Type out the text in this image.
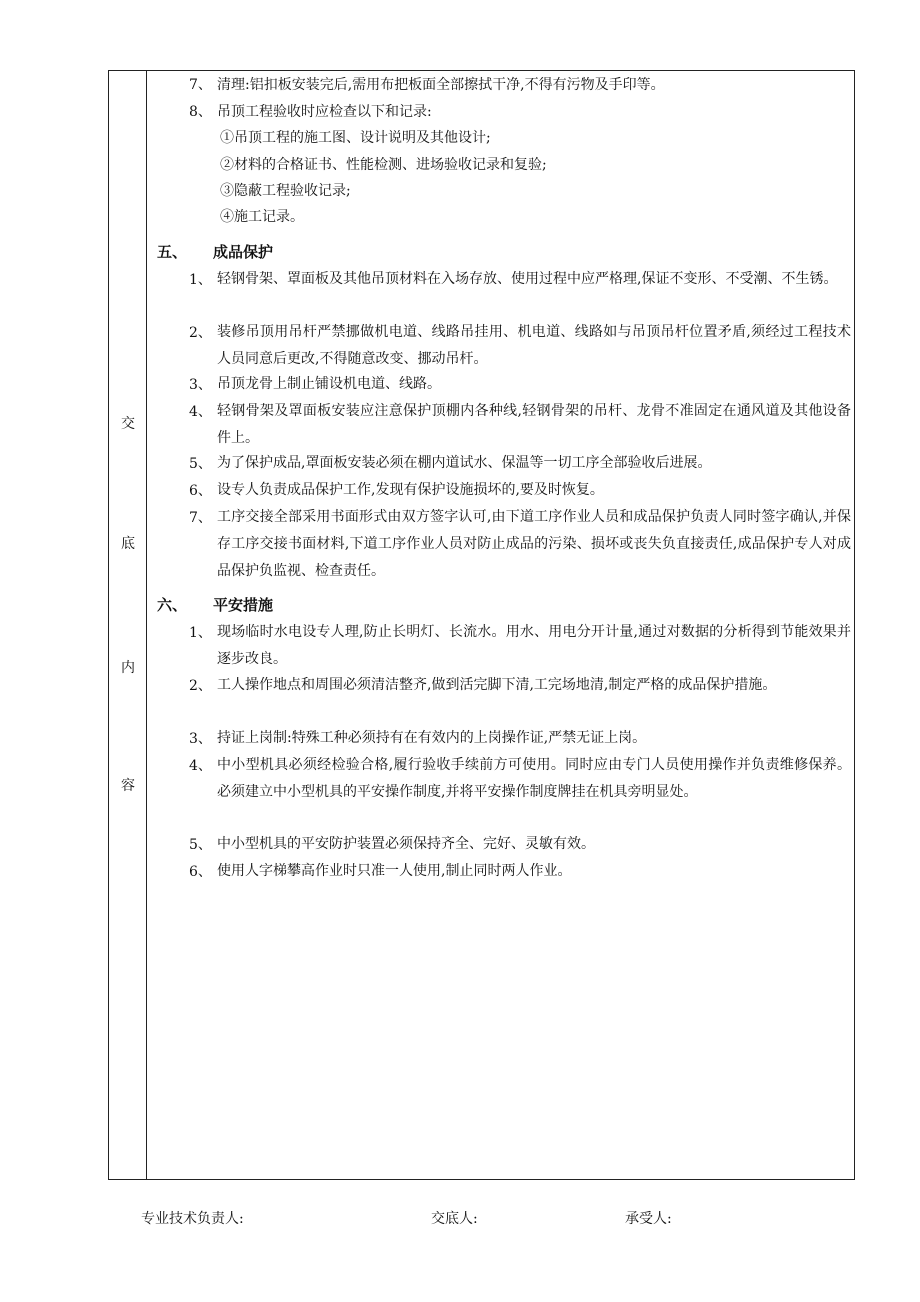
交
底
内
容
7、 清理:铝扣板安装完后,需用布把板面全部擦拭干净,不得有污物及手印等。
8、 吊顶工程验收时应检查以下和记录:
①吊顶工程的施工图、设计说明及其他设计;
②材料的合格证书、性能检测、进场验收记录和复验;
③隐蔽工程验收记录;
④施工记录。
五、 成品保护
1、 轻钢骨架、罩面板及其他吊顶材料在入场存放、使用过程中应严格理,保证不变形、不受潮、不生锈。
2、 装修吊顶用吊杆严禁挪做机电道、线路吊挂用、机电道、线路如与吊顶吊杆位置矛盾,须经过工程技术人员同意后更改,不得随意改变、挪动吊杆。
3、 吊顶龙骨上制止铺设机电道、线路。
4、 轻钢骨架及罩面板安装应注意保护顶棚内各种线,轻钢骨架的吊杆、龙骨不准固定在通风道及其他设备件上。
5、 为了保护成品,罩面板安装必须在棚内道试水、保温等一切工序全部验收后进展。
6、 设专人负责成品保护工作,发现有保护设施损坏的,要及时恢复。
7、 工序交接全部采用书面形式由双方签字认可,由下道工序作业人员和成品保护负责人同时签字确认,并保存工序交接书面材料,下道工序作业人员对防止成品的污染、损坏或丧失负直接责任,成品保护专人对成品保护负监视、检查责任。
六、 平安措施
1、 现场临时水电设专人理,防止长明灯、长流水。用水、用电分开计量,通过对数据的分析得到节能效果并逐步改良。
2、 工人操作地点和周围必须清洁整齐,做到活完脚下清,工完场地清,制定严格的成品保护措施。
3、 持证上岗制:特殊工种必须持有在有效内的上岗操作证,严禁无证上岗。
4、 中小型机具必须经检验合格,履行验收手续前方可使用。同时应由专门人员使用操作并负责维修保养。必须建立中小型机具的平安操作制度,并将平安操作制度牌挂在机具旁明显处。
5、 中小型机具的平安防护装置必须保持齐全、完好、灵敏有效。
6、 使用人字梯攀高作业时只准一人使用,制止同时两人作业。
专业技术负责人:	交底人:	承受人:
